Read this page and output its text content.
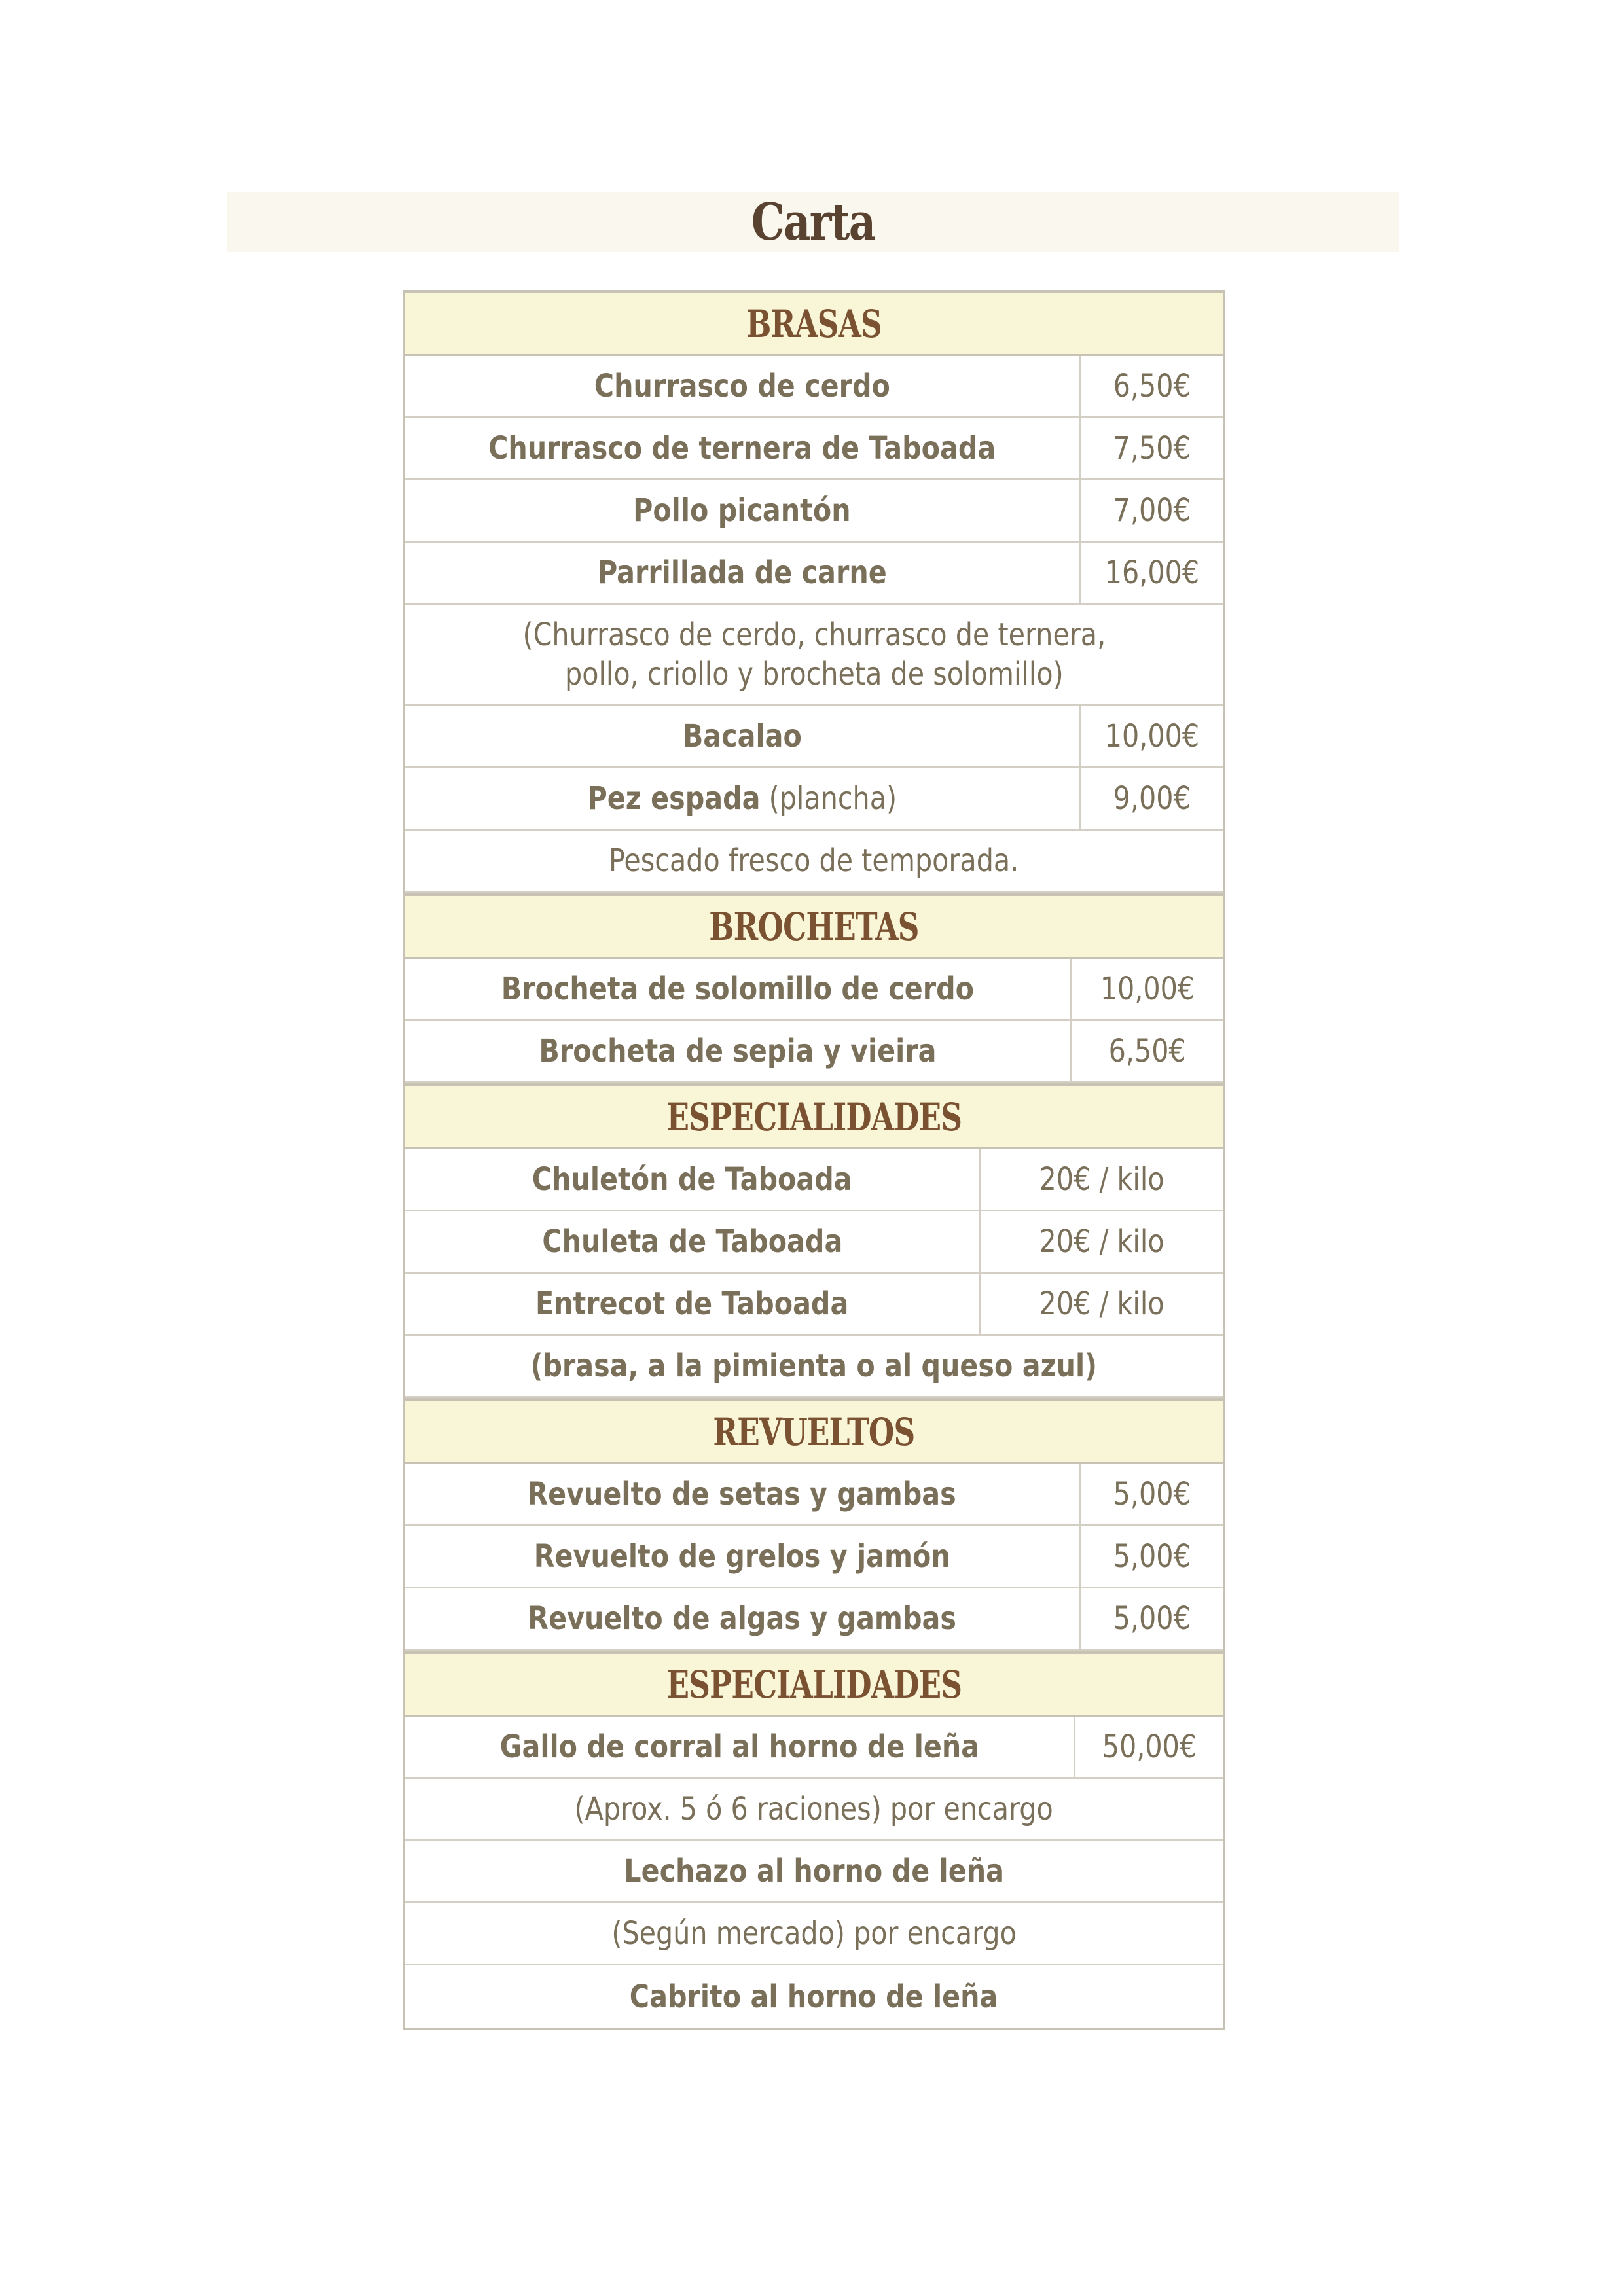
Carta
BRASAS
Churrasco de cerdo	6,50€
Churrasco de ternera de Taboada	7,50€
Pollo picantón	7,00€
Parrillada de carne	16,00€
(Churrasco de cerdo, churrasco de ternera,
pollo, criollo y brocheta de solomillo)
Bacalao	10,00€
Pez espada (plancha)	9,00€
Pescado fresco de temporada.
BROCHETAS
Brocheta de solomillo de cerdo	10,00€
Brocheta de sepia y vieira	6,50€
ESPECIALIDADES
Chuletón de Taboada	20€ / kilo
Chuleta de Taboada	20€ / kilo
Entrecot de Taboada	20€ / kilo
(brasa, a la pimienta o al queso azul)
REVUELTOS
Revuelto de setas y gambas	5,00€
Revuelto de grelos y jamón	5,00€
Revuelto de algas y gambas	5,00€
ESPECIALIDADES
Gallo de corral al horno de leña	50,00€
(Aprox. 5 ó 6 raciones) por encargo
Lechazo al horno de leña
(Según mercado) por encargo
Cabrito al horno de leña
